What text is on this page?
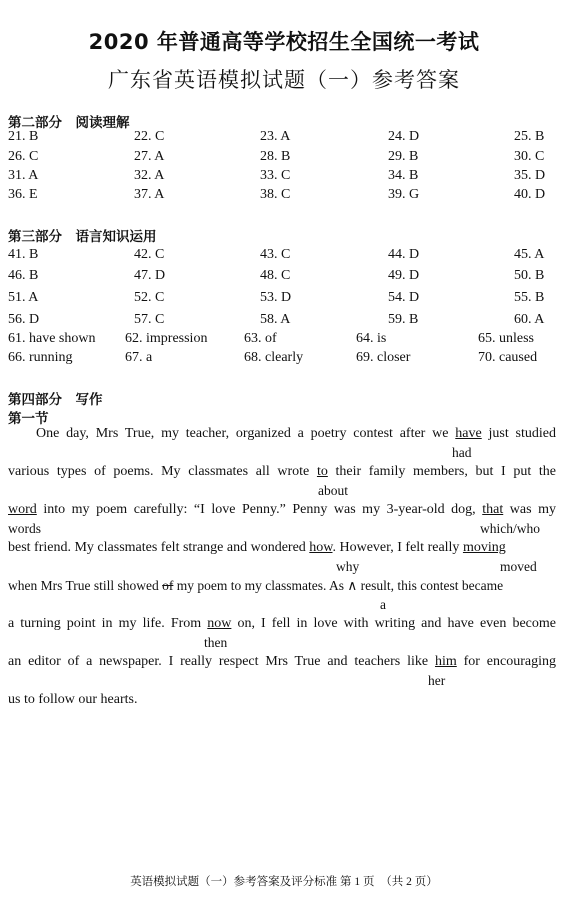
2020 年普通高等学校招生全国统一考试
广东省英语模拟试题（一）参考答案
第二部分　阅读理解
21. B	22. C	23. A	24. D	25. B
26. C	27. A	28. B	29. B	30. C
31. A	32. A	33. C	34. B	35. D
36. E	37. A	38. C	39. G	40. D
第三部分　语言知识运用
41. B	42. C	43. C	44. D	45. A
46. B	47. D	48. C	49. D	50. B
51. A	52. C	53. D	54. D	55. B
56. D	57. C	58. A	59. B	60. A
61. have shown 62. impression	63. of	64. is	65. unless
66. running	67. a	68. clearly	69. closer	70. caused
第四部分　写作
第一节
One day, Mrs True, my teacher, organized a poetry contest after we have just studied
had
various types of poems. My classmates all wrote to their family members, but I put the
about
word into my poem carefully: “I love Penny.” Penny was my 3-year-old dog, that was my
words	which/who
best friend. My classmates felt strange and wondered how. However, I felt really moving
why	moved
when Mrs True still showed of my poem to my classmates. As ∧ result, this contest became
a
a turning point in my life. From now on, I fell in love with writing and have even become
then
an editor of a newspaper. I really respect Mrs True and teachers like him for encouraging
her
us to follow our hearts.
英语模拟试题（一）参考答案及评分标准 第 1 页　（共 2 页）
